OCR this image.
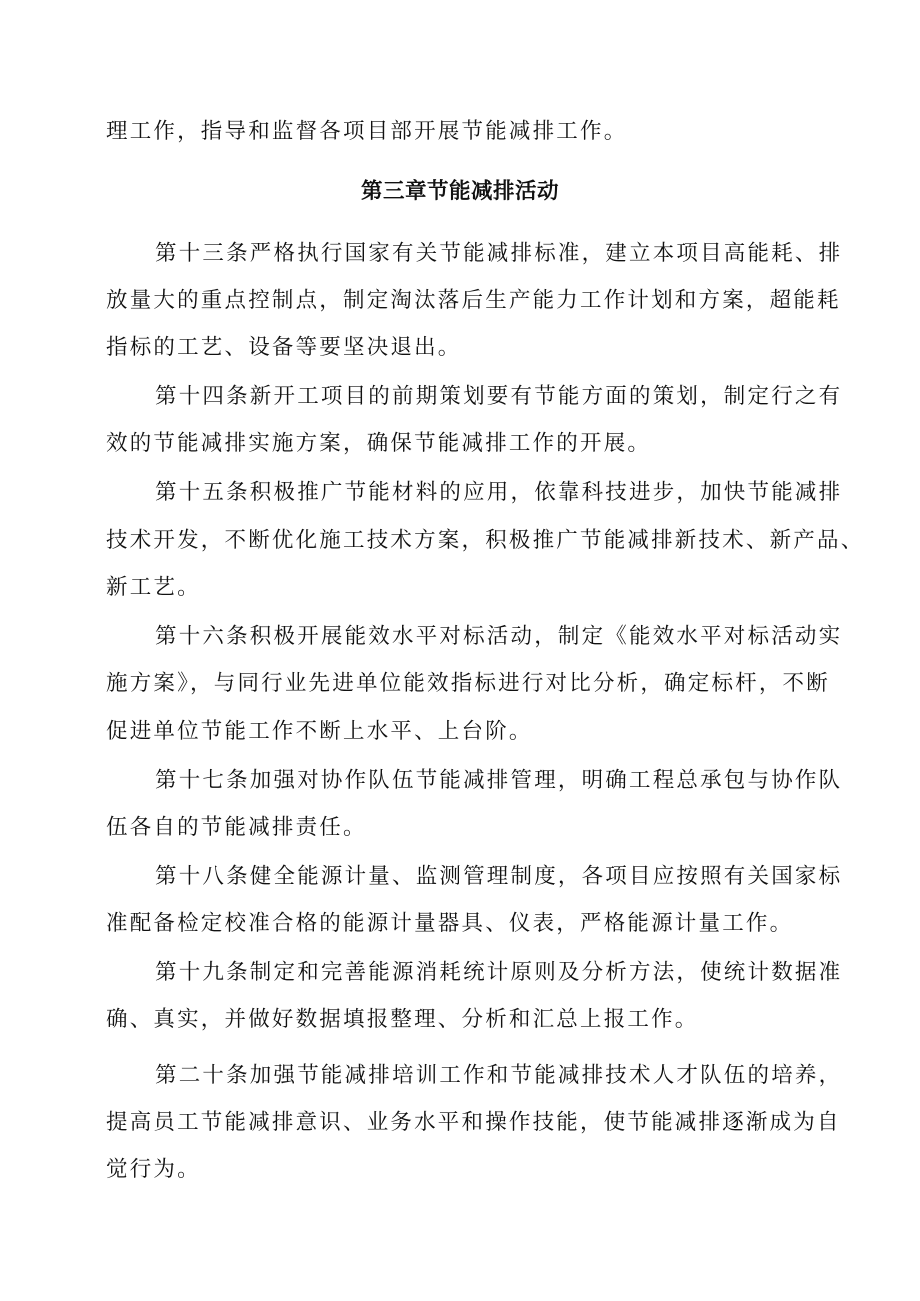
理工作，指导和监督各项目部开展节能减排工作。
第三章节能减排活动
第十三条严格执行国家有关节能减排标准，建立本项目高能耗、排
放量大的重点控制点，制定淘汰落后生产能力工作计划和方案，超能耗
指标的工艺、设备等要坚决退出。
第十四条新开工项目的前期策划要有节能方面的策划，制定行之有
效的节能减排实施方案，确保节能减排工作的开展。
第十五条积极推广节能材料的应用，依靠科技进步，加快节能减排
技术开发，不断优化施工技术方案，积极推广节能减排新技术、新产品、
新工艺。
第十六条积极开展能效水平对标活动，制定《能效水平对标活动实
施方案》，与同行业先进单位能效指标进行对比分析，确定标杆，不断
促进单位节能工作不断上水平、上台阶。
第十七条加强对协作队伍节能减排管理，明确工程总承包与协作队
伍各自的节能减排责任。
第十八条健全能源计量、监测管理制度，各项目应按照有关国家标
准配备检定校准合格的能源计量器具、仪表，严格能源计量工作。
第十九条制定和完善能源消耗统计原则及分析方法，使统计数据准
确、真实，并做好数据填报整理、分析和汇总上报工作。
第二十条加强节能减排培训工作和节能减排技术人才队伍的培养，
提高员工节能减排意识、业务水平和操作技能，使节能减排逐渐成为自
觉行为。
